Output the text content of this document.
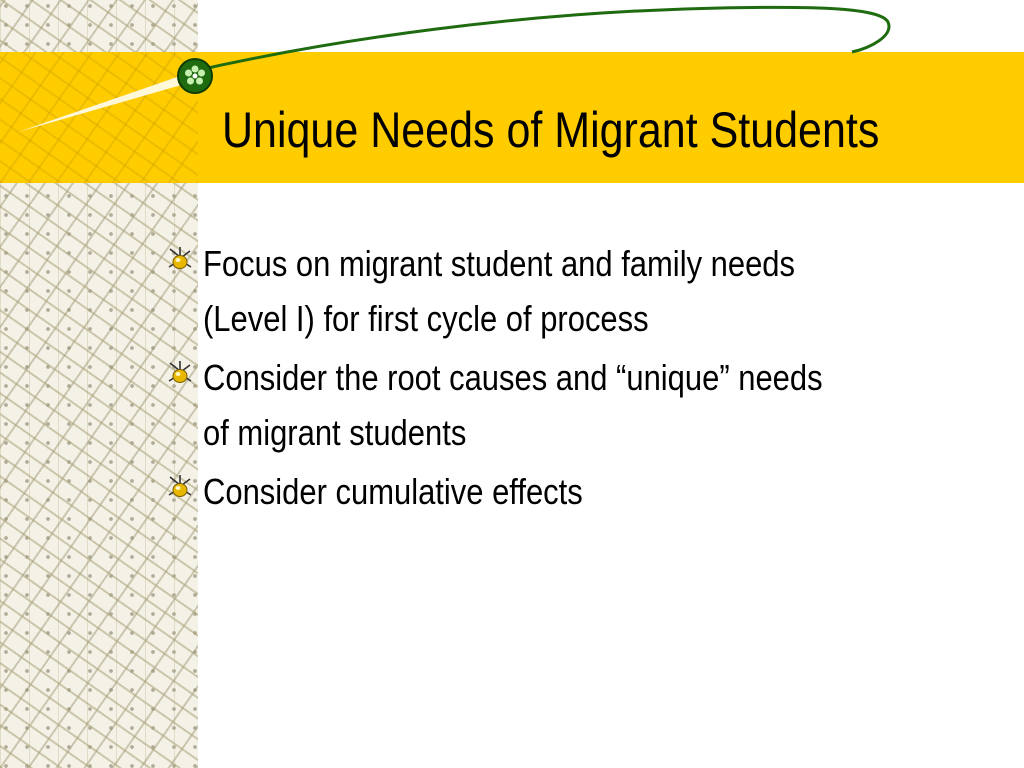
Unique Needs of Migrant Students
Focus on migrant student and family needs
(Level I) for first cycle of process
Consider the root causes and “unique” needs
of migrant students
Consider cumulative effects
